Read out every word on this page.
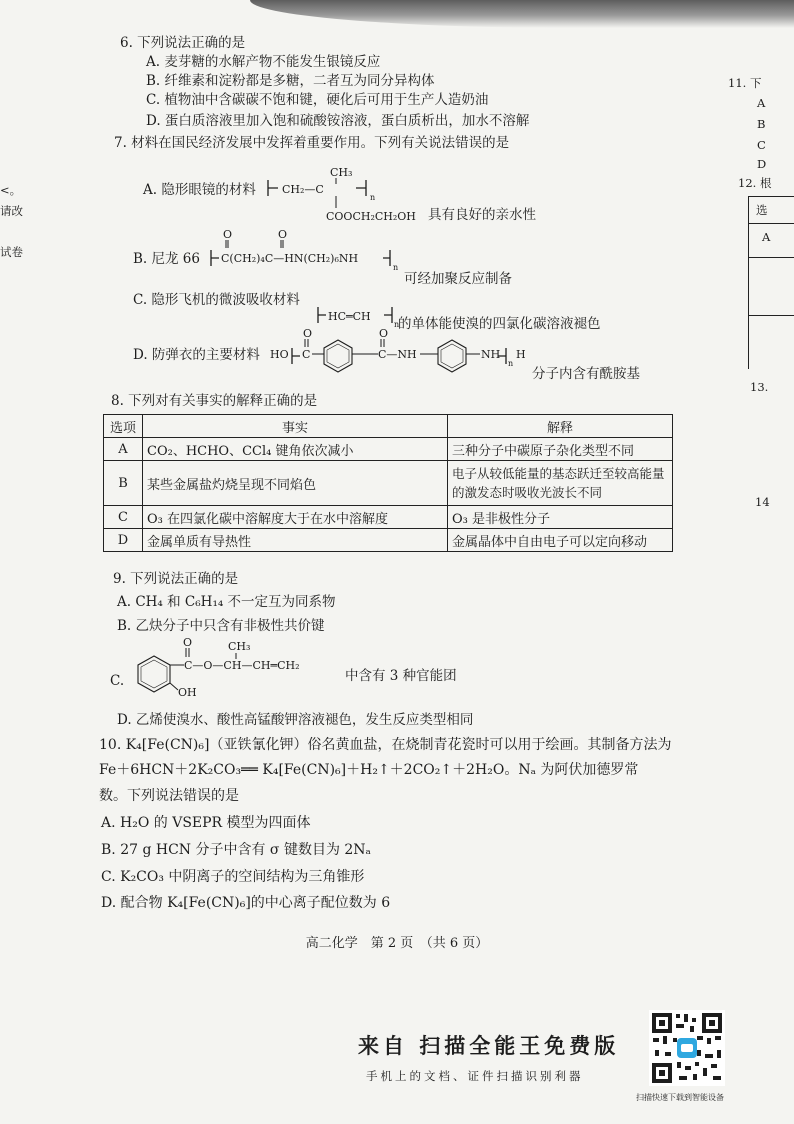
<。
请改
试卷
11. 下
A
B
C
D
12. 根
选
A
13.
14
6. 下列说法正确的是
A. 麦芽糖的水解产物不能发生银镜反应
B. 纤维素和淀粉都是多糖，二者互为同分异构体
C. 植物油中含碳碳不饱和键，硬化后可用于生产人造奶油
D. 蛋白质溶液里加入饱和硫酸铵溶液，蛋白质析出，加水不溶解
7. 材料在国民经济发展中发挥着重要作用。下列有关说法错误的是
A. 隐形眼镜的材料
CH₃
CH₂—C
n
COOCH₂CH₂OH 具有良好的亲水性
B. 尼龙 66
O	O
C(CH₂)₄C—HN(CH₂)₆NH
n
可经加聚反应制备
C. 隐形飞机的微波吸收材料
HC═CH
n
的单体能使溴的四氯化碳溶液褪色
D. 防弹衣的主要材料 HO C
O
C—NH
O
NH
n
H
分子内含有酰胺基
8. 下列对有关事实的解释正确的是
选项	事实	解释
A	CO₂、HCHO、CCl₄ 键角依次减小	三种分子中碳原子杂化类型不同
B	某些金属盐灼烧呈现不同焰色	电子从较低能量的基态跃迁至较高能量的激发态时吸收光波长不同
C	O₃ 在四氯化碳中溶解度大于在水中溶解度	O₃ 是非极性分子
D	金属单质有导热性	金属晶体中自由电子可以定向移动
9. 下列说法正确的是
A. CH₄ 和 C₆H₁₄ 不一定互为同系物
B. 乙炔分子中只含有非极性共价键
C.
OH
O
C—O—CH—CH═CH₂
CH₃
中含有 3 种官能团
D. 乙烯使溴水、酸性高锰酸钾溶液褪色，发生反应类型相同
10. K₄[Fe(CN)₆]（亚铁氰化钾）俗名黄血盐，在烧制青花瓷时可以用于绘画。其制备方法为
Fe＋6HCN＋2K₂CO₃══ K₄[Fe(CN)₆]＋H₂↑＋2CO₂↑＋2H₂O。Nₐ 为阿伏加德罗常
数。下列说法错误的是
A. H₂O 的 VSEPR 模型为四面体
B. 27 g HCN 分子中含有 σ 键数目为 2Nₐ
C. K₂CO₃ 中阴离子的空间结构为三角锥形
D. 配合物 K₄[Fe(CN)₆]的中心离子配位数为 6
高二化学　第 2 页　（共 6 页）
来自 扫描全能王免费版
手机上的文档、证件扫描识别利器
扫描快速下载到智能设备
